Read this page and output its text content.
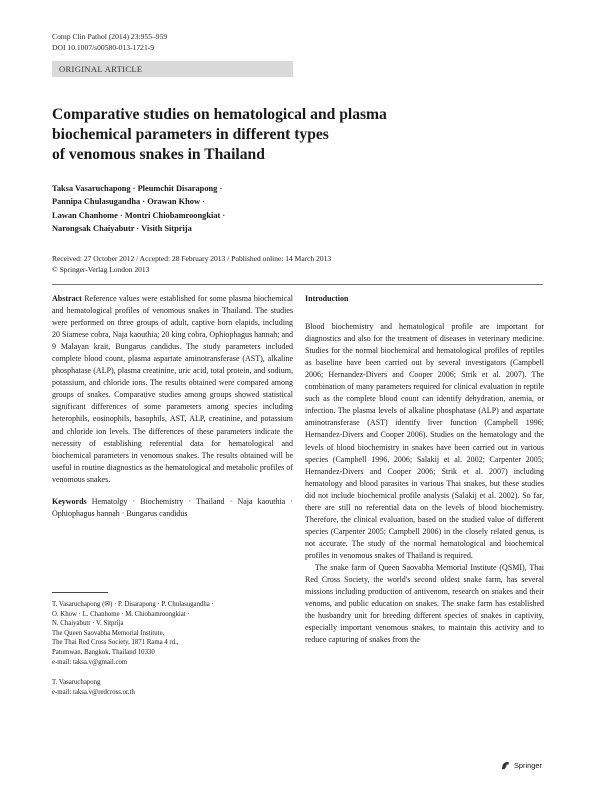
Comp Clin Pathol (2014) 23:955–959
DOI 10.1007/s00580-013-1721-9
ORIGINAL ARTICLE
Comparative studies on hematological and plasma
biochemical parameters in different types
of venomous snakes in Thailand
Taksa Vasaruchapong · Pleumchit Disarapong ·
Pannipa Chulasugandha · Orawan Khow ·
Lawan Chanhome · Montri Chiobamroongkiat ·
Narongsak Chaiyabutr · Visith Sitprija
Received: 27 October 2012 / Accepted: 28 February 2013 / Published online: 14 March 2013
© Springer-Verlag London 2013

Abstract Reference values were established for some plasma biochemical and hematological profiles of venomous snakes in Thailand. The studies were performed on three groups of adult, captive born elapids, including 20 Siamese cobra, Naja kaouthia; 20 king cobra, Ophiophagus hannah; and 9 Malayan krait, Bungarus candidus. The study parameters included complete blood count, plasma aspartate aminotransferase (AST), alkaline phosphatase (ALP), plasma creatinine, uric acid, total protein, and sodium, potassium, and chloride ions. The results obtained were compared among groups of snakes. Comparative studies among groups showed statistical significant differences of some parameters among species including heterophils, eosinophils, basophils, AST, ALP, creatinine, and potassium and chloride ion levels. The differences of these parameters indicate the necessity of establishing referential data for hematological and biochemical parameters in venomous snakes. The results obtained will be useful in routine diagnostics as the hematological and metabolic profiles of venomous snakes.

Keywords Hematolgy · Biochemistry · Thailand · Naja kaouthia · Ophiophagus hannah · Bungarus candidus

T. Vasaruchapong (✉) · P. Disarapong · P. Chulasugandha ·

O. Khow · L. Chanhome · M. Chiobamroongkiat ·

N. Chaiyabutr · V. Sitprija

The Queen Saovabha Memorial Institute,

The Thai Red Cross Society, 1871 Rama 4 rd.,

Patumwan, Bangkok, Thailand 10330

e-mail: taksa.v@gmail.com

T. Vasaruchapong

e-mail: taksa.v@redcross.or.th

Introduction

Blood biochemistry and hematological profile are important for diagnostics and also for the treatment of diseases in veterinary medicine. Studies for the normal biochemical and hematological profiles of reptiles as baseline have been carried out by several investigators (Campbell 2006; Hernandez-Divers and Cooper 2006; Strik et al. 2007). The combination of many parameters required for clinical evaluation in reptile such as the complete blood count can identify dehydration, anemia, or infection. The plasma levels of alkaline phosphatase (ALP) and aspartate aminotransferase (AST) identify liver function (Campbell 1996; Hernandez-Divers and Cooper 2006). Studies on the hematology and the levels of blood biochemistry in snakes have been carried out in various species (Campbell 1996, 2006; Salakij et al. 2002; Carpenter 2005; Hernandez-Divers and Cooper 2006; Strik et al. 2007) including hematology and blood parasites in various Thai snakes, but these studies did not include biochemical profile analysis (Salakij et al. 2002). So far, there are still no referential data on the levels of blood biochemistry. Therefore, the clinical evaluation, based on the studied value of different species (Carpenter 2005; Campbell 2006) in the closely related genus, is not accurate. The study of the normal hematological and biochemical profiles in venomous snakes of Thailand is required.

The snake farm of Queen Saovabha Memorial Institute (QSMI), Thai Red Cross Society, the world's second oldest snake farm, has several missions including production of antivenom, research on snakes and their venoms, and public education on snakes. The snake farm has established the husbandry unit for breeding different species of snakes in captivity, especially important venomous snakes, to maintain this activity and to reduce capturing of snakes from the

Springer
